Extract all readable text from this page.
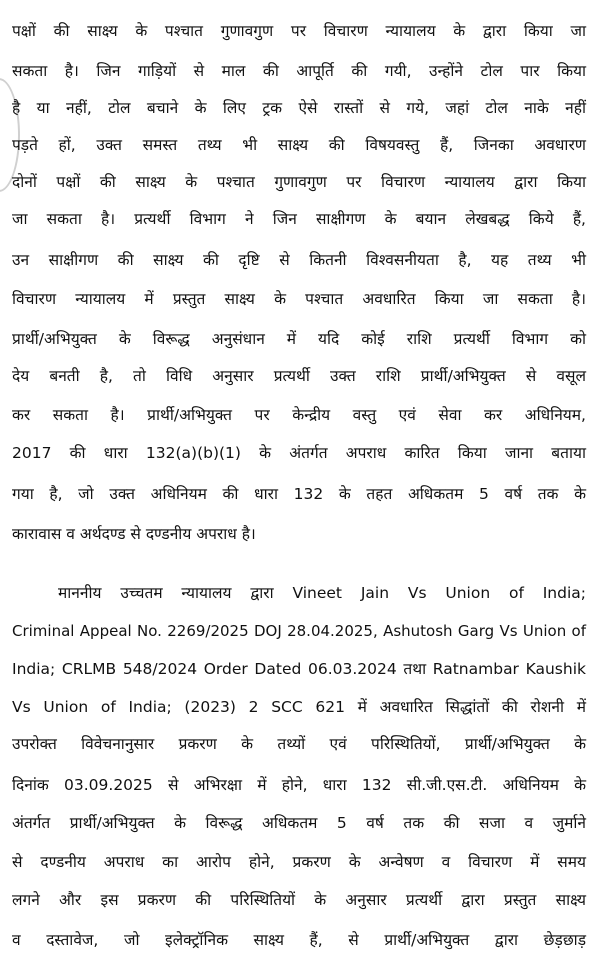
पक्षों की साक्ष्य के पश्चात गुणावगुण पर विचारण न्यायालय के द्वारा किया जा
सकता है। जिन गाड़ियों से माल की आपूर्ति की गयी, उन्होंने टोल पार किया
है या नहीं, टोल बचाने के लिए ट्रक ऐसे रास्तों से गये, जहां टोल नाके नहीं
पड़ते हों, उक्त समस्त तथ्य भी साक्ष्य की विषयवस्तु हैं, जिनका अवधारण
दोनों पक्षों की साक्ष्य के पश्चात गुणावगुण पर विचारण न्यायालय द्वारा किया
जा सकता है। प्रत्यर्थी विभाग ने जिन साक्षीगण के बयान लेखबद्ध किये हैं,
उन साक्षीगण की साक्ष्य की दृष्टि से कितनी विश्वसनीयता है, यह तथ्य भी
विचारण न्यायालय में प्रस्तुत साक्ष्य के पश्चात अवधारित किया जा सकता है।
प्रार्थी/अभियुक्त के विरूद्ध अनुसंधान में यदि कोई राशि प्रत्यर्थी विभाग को
देय बनती है, तो विधि अनुसार प्रत्यर्थी उक्त राशि प्रार्थी/अभियुक्त से वसूल
कर सकता है। प्रार्थी/अभियुक्त पर केन्द्रीय वस्तु एवं सेवा कर अधिनियम,
2017 की धारा 132(a)(b)(1) के अंतर्गत अपराध कारित किया जाना बताया
गया है, जो उक्त अधिनियम की धारा 132 के तहत अधिकतम 5 वर्ष तक के
कारावास व अर्थदण्ड से दण्डनीय अपराध है।
माननीय उच्चतम न्यायालय द्वारा Vineet Jain Vs Union of India;
Criminal Appeal No. 2269/2025 DOJ 28.04.2025, Ashutosh Garg Vs Union of
India; CRLMB 548/2024 Order Dated 06.03.2024 तथा Ratnambar Kaushik
Vs Union of India; (2023) 2 SCC 621 में अवधारित सिद्धांतों की रोशनी में
उपरोक्त विवेचनानुसार प्रकरण के तथ्यों एवं परिस्थितियों, प्रार्थी/अभियुक्त के
दिनांक 03.09.2025 से अभिरक्षा में होने, धारा 132 सी.जी.एस.टी. अधिनियम के
अंतर्गत प्रार्थी/अभियुक्त के विरूद्ध अधिकतम 5 वर्ष तक की सजा व जुर्माने
से दण्डनीय अपराध का आरोप होने, प्रकरण के अन्वेषण व विचारण में समय
लगने और इस प्रकरण की परिस्थितियों के अनुसार प्रत्यर्थी द्वारा प्रस्तुत साक्ष्य
व दस्तावेज, जो इलेक्ट्रॉनिक साक्ष्य हैं, से प्रार्थी/अभियुक्त द्वारा छेड़छाड़
